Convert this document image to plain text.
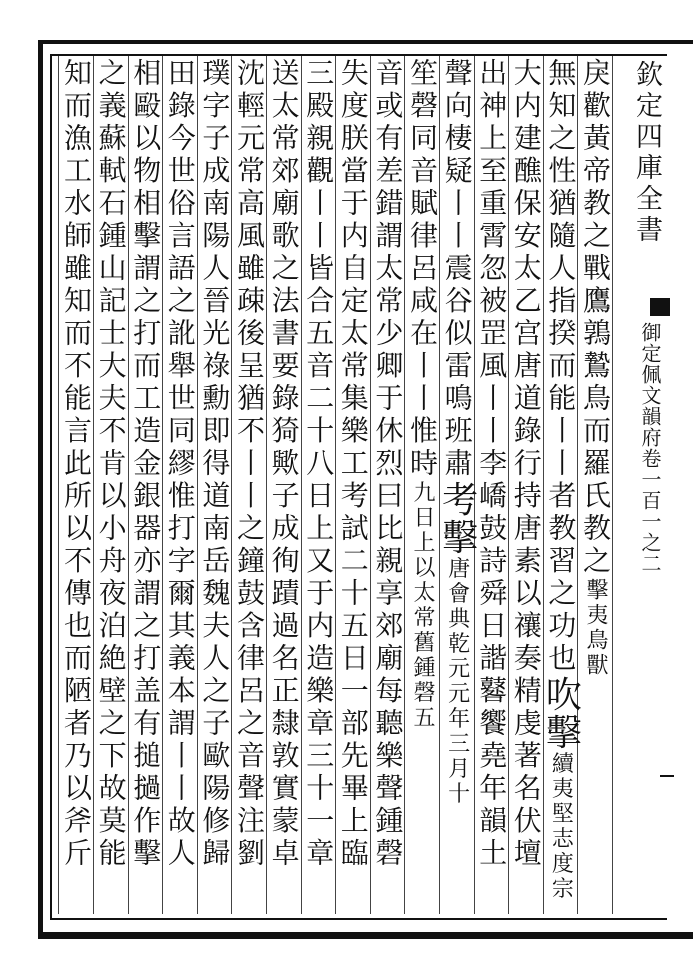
欽定四庫全書
御定佩文韻府卷一百一之二
戾歡黃帝教之戰鷹鶉鷙鳥而羅氏教之擊夷鳥獸
無知之性猶隨人指揆而能丨丨者教習之功也吹擊續夷堅志度宗
大内建醮保安太乙宫唐道錄行持唐素以禳奏精虔著名伏壇
出神上至重霄忽被罡風丨丨李嶠鼓詩舜日諧鼛饗堯年韻土
聲向棲疑丨丨震谷似雷鳴班肅考擊唐會典乾元元年三月十
笙磬同音賦律呂咸在丨丨惟時九日上以太常舊鍾磬五
音或有差錯謂太常少卿于休烈曰比親享郊廟每聽樂聲鍾磬
失度朕當于内自定太常集樂工考試二十五日一部先畢上臨
三殿親觀丨丨皆合五音二十八日上又于内造樂章三十一章
送太常郊廟歌之法書要錄猗歟子成徇蹟過名正隸敦實蒙卓
沈輕元常高風雖疎後呈猶不丨丨之鐘鼓含律呂之音聲注劉
璞字子成南陽人晉光祿勳即得道南岳魏夫人之子歐陽修歸
田錄今世俗言語之訛舉世同繆惟打字爾其義本謂丨丨故人
相毆以物相擊謂之打而工造金銀器亦謂之打盖有搥撾作擊
之義蘇軾石鍾山記士大夫不肯以小舟夜泊絶壁之下故莫能
知而漁工水師雖知而不能言此所以不傳也而陋者乃以斧斤
